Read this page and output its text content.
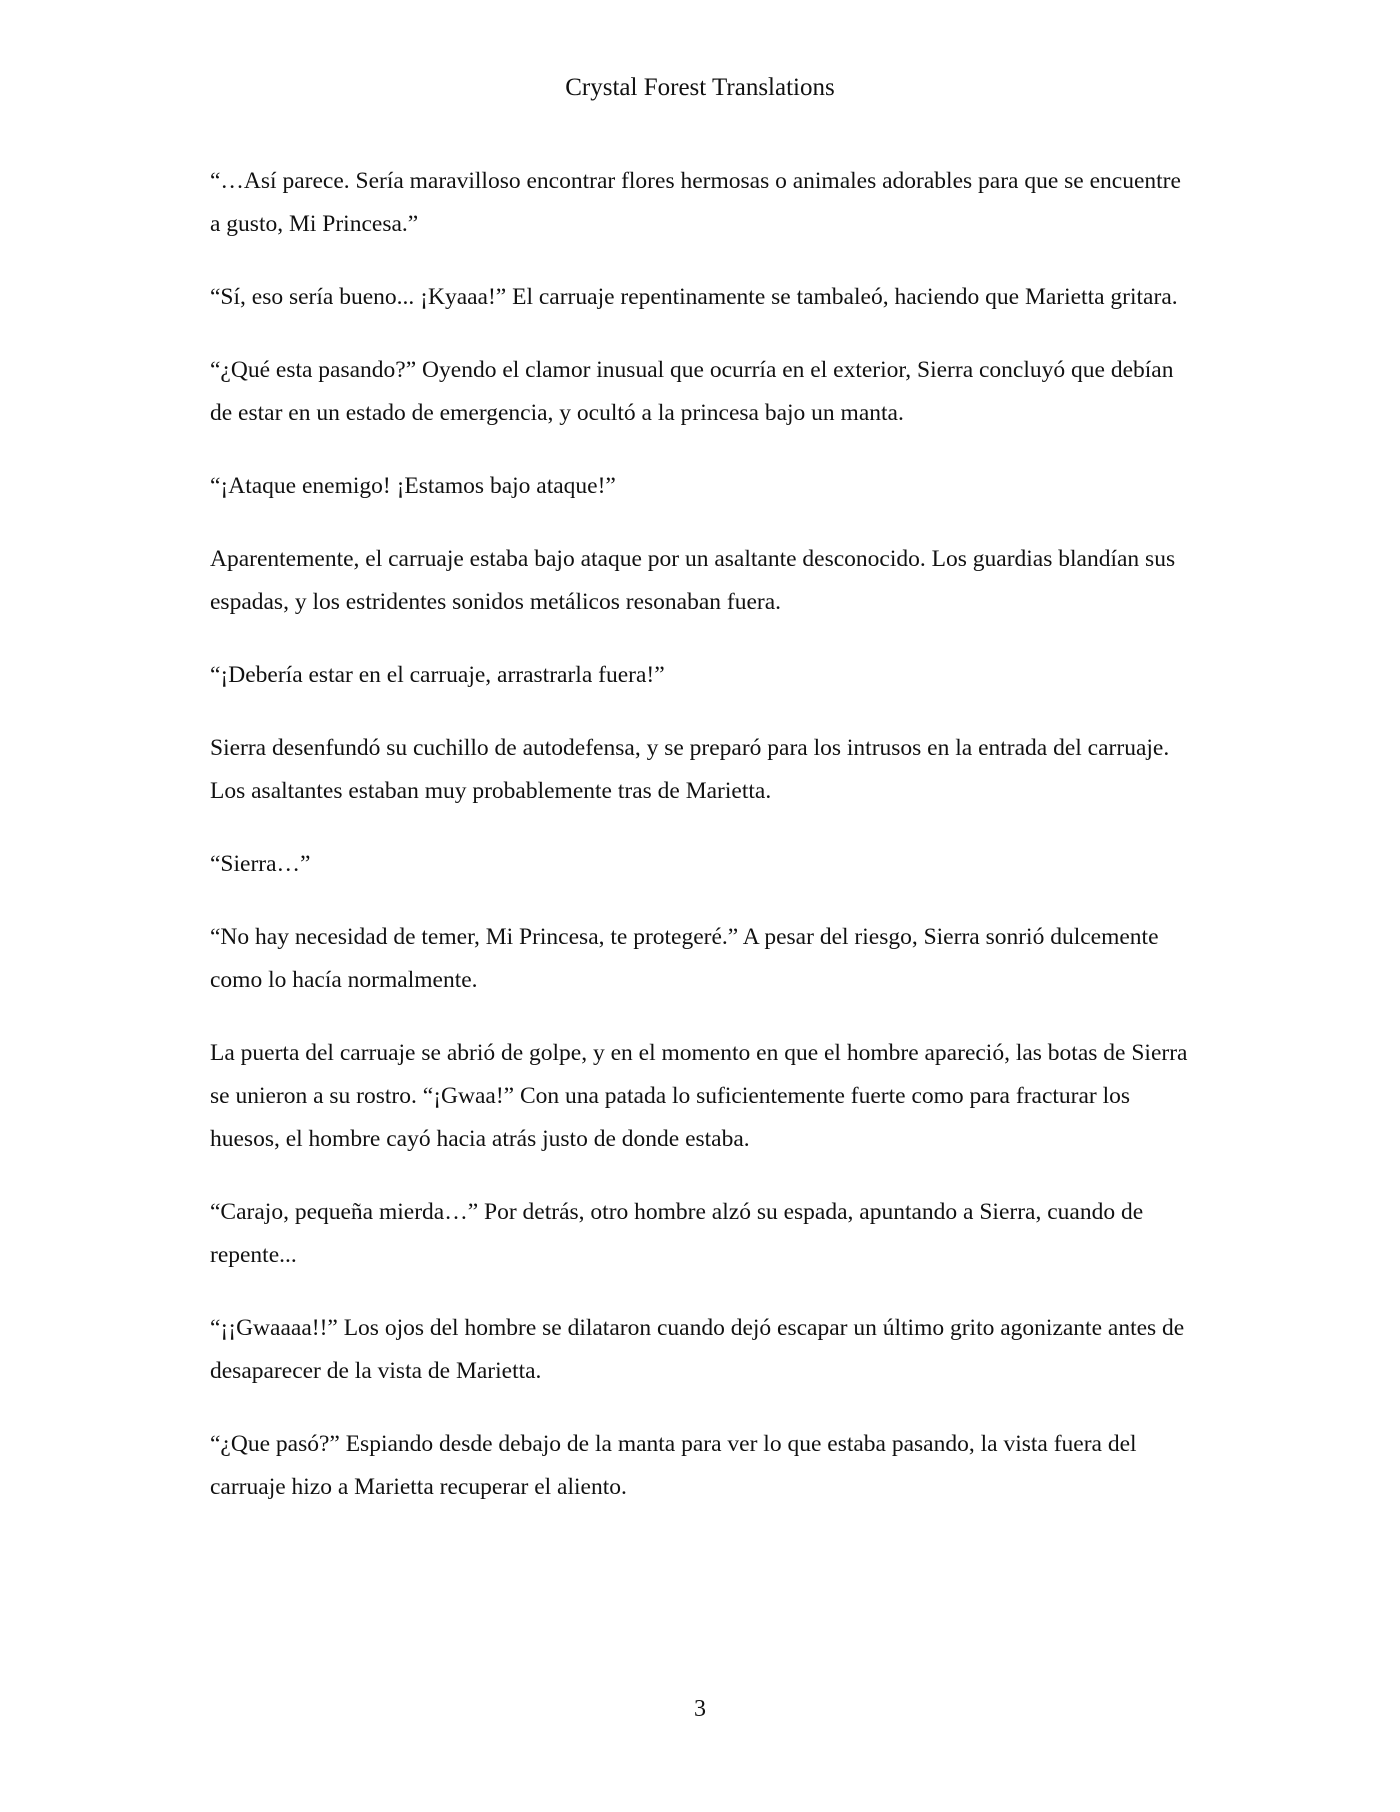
Crystal Forest Translations

“…Así parece. Sería maravilloso encontrar flores hermosas o animales adorables para que se encuentre a gusto, Mi Princesa.”

“Sí, eso sería bueno... ¡Kyaaa!” El carruaje repentinamente se tambaleó, haciendo que Marietta gritara.

“¿Qué esta pasando?” Oyendo el clamor inusual que ocurría en el exterior, Sierra concluyó que debían de estar en un estado de emergencia, y ocultó a la princesa bajo un manta.

“¡Ataque enemigo! ¡Estamos bajo ataque!”

Aparentemente, el carruaje estaba bajo ataque por un asaltante desconocido. Los guardias blandían sus espadas, y los estridentes sonidos metálicos resonaban fuera.

“¡Debería estar en el carruaje, arrastrarla fuera!”

Sierra desenfundó su cuchillo de autodefensa, y se preparó para los intrusos en la entrada del carruaje. Los asaltantes estaban muy probablemente tras de Marietta.

“Sierra…”

“No hay necesidad de temer, Mi Princesa, te protegeré.” A pesar del riesgo, Sierra sonrió dulcemente como lo hacía normalmente.

La puerta del carruaje se abrió de golpe, y en el momento en que el hombre apareció, las botas de Sierra se unieron a su rostro. “¡Gwaa!” Con una patada lo suficientemente fuerte como para fracturar los huesos, el hombre cayó hacia atrás justo de donde estaba.

“Carajo, pequeña mierda…” Por detrás, otro hombre alzó su espada, apuntando a Sierra, cuando de repente...

“¡¡Gwaaaa!!” Los ojos del hombre se dilataron cuando dejó escapar un último grito agonizante antes de desaparecer de la vista de Marietta.

“¿Que pasó?” Espiando desde debajo de la manta para ver lo que estaba pasando, la vista fuera del carruaje hizo a Marietta recuperar el aliento.

3
